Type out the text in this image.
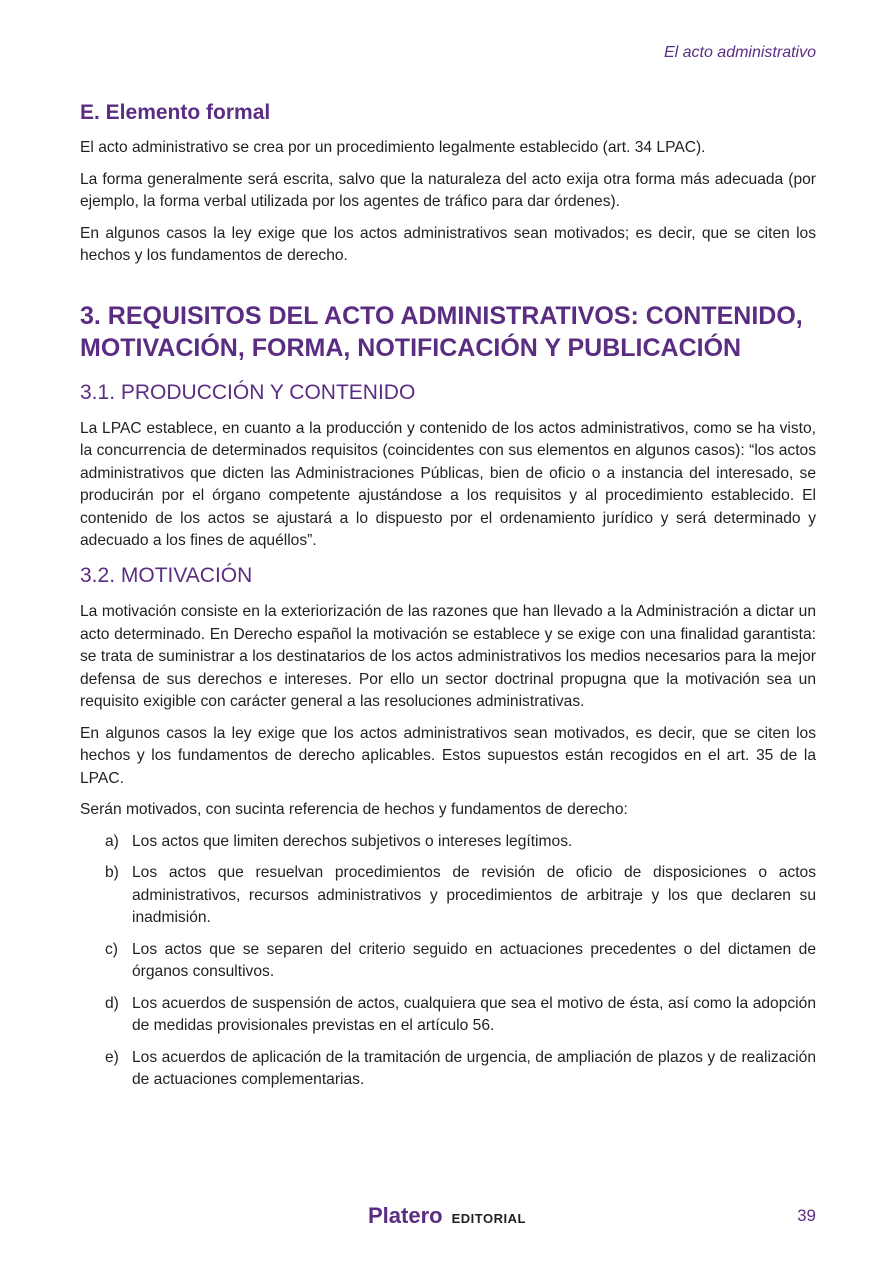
El acto administrativo
E. Elemento formal

El acto administrativo se crea por un procedimiento legalmente establecido (art. 34 LPAC).

La forma generalmente será escrita, salvo que la naturaleza del acto exija otra forma más adecuada (por ejemplo, la forma verbal utilizada por los agentes de tráfico para dar órdenes).

En algunos casos la ley exige que los actos administrativos sean motivados; es decir, que se citen los hechos y los fundamentos de derecho.

3. REQUISITOS DEL ACTO ADMINISTRATIVOS: CONTENIDO, MOTIVACIÓN, FORMA, NOTIFICACIÓN Y PUBLICACIÓN
3.1. PRODUCCIÓN Y CONTENIDO

La LPAC establece, en cuanto a la producción y contenido de los actos administrativos, como se ha visto, la concurrencia de determinados requisitos (coincidentes con sus elementos en algunos casos): “los actos administrativos que dicten las Administraciones Públicas, bien de oficio o a instancia del interesado, se producirán por el órgano competente ajustándose a los requisitos y al procedimiento establecido. El contenido de los actos se ajustará a lo dispuesto por el ordenamiento jurídico y será determinado y adecuado a los fines de aquéllos”.

3.2. MOTIVACIÓN

La motivación consiste en la exteriorización de las razones que han llevado a la Administración a dictar un acto determinado. En Derecho español la motivación se establece y se exige con una finalidad garantista: se trata de suministrar a los destinatarios de los actos administrativos los medios necesarios para la mejor defensa de sus derechos e intereses. Por ello un sector doctrinal propugna que la motivación sea un requisito exigible con carácter general a las resoluciones administrativas.

En algunos casos la ley exige que los actos administrativos sean motivados, es decir, que se citen los hechos y los fundamentos de derecho aplicables. Estos supuestos están recogidos en el art. 35 de la LPAC.

Serán motivados, con sucinta referencia de hechos y fundamentos de derecho:

a) Los actos que limiten derechos subjetivos o intereses legítimos.
b) Los actos que resuelvan procedimientos de revisión de oficio de disposiciones o actos administrativos, recursos administrativos y procedimientos de arbitraje y los que declaren su inadmisión.
c) Los actos que se separen del criterio seguido en actuaciones precedentes o del dictamen de órganos consultivos.
d) Los acuerdos de suspensión de actos, cualquiera que sea el motivo de ésta, así como la adopción de medidas provisionales previstas en el artículo 56.
e) Los acuerdos de aplicación de la tramitación de urgencia, de ampliación de plazos y de realización de actuaciones complementarias.
Platero EDITORIAL	39
